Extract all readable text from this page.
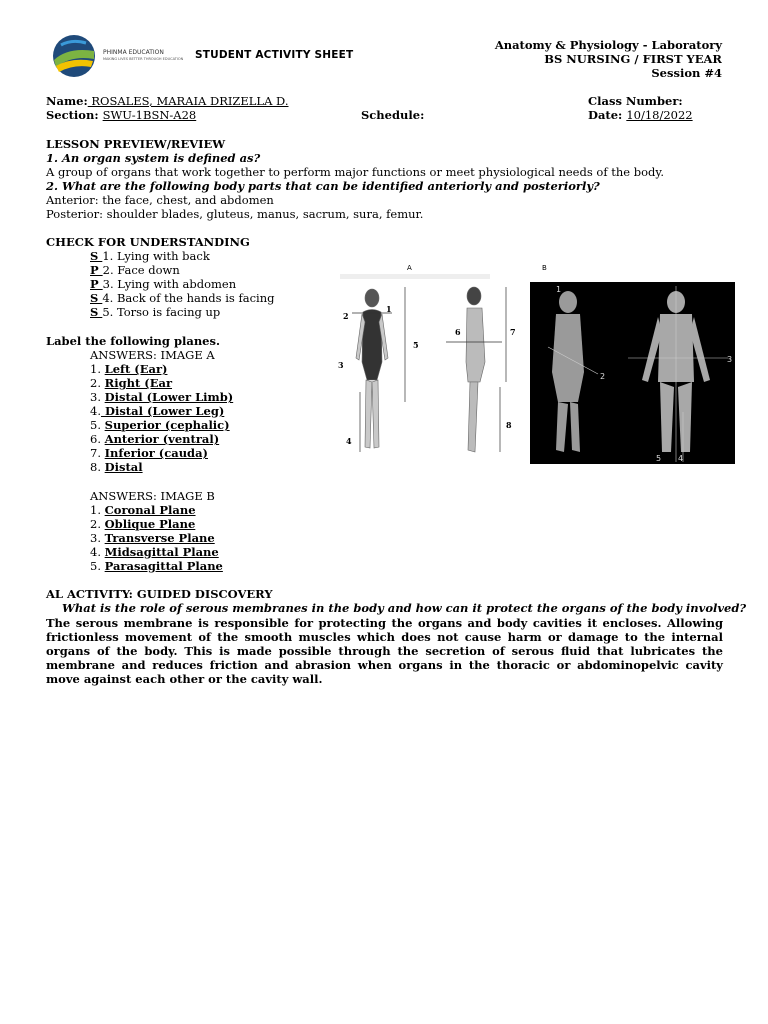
PHINMA EDUCATION
MAKING LIVES BETTER THROUGH EDUCATION STUDENT ACTIVITY SHEET
Anatomy & Physiology - Laboratory
BS NURSING / FIRST YEAR
Session #4
Name: ROSALES, MARAIA DRIZELLA D.	Class Number:
Section: SWU-1BSN-A28	Schedule:	Date: 10/18/2022
LESSON PREVIEW/REVIEW
1. An organ system is defined as?
A group of organs that work together to perform major functions or meet physiological needs of the body.
2. What are the following body parts that can be identified anteriorly and posteriorly?
Anterior: the face, chest, and abdomen
Posterior: shoulder blades, gluteus, manus, sacrum, sura, femur.
CHECK FOR UNDERSTANDING
S 1. Lying with back
P 2. Face down
P 3. Lying with abdomen
S 4. Back of the hands is facing
S 5. Torso is facing up
Label the following planes.
ANSWERS: IMAGE A
1. Left (Ear)
2. Right (Ear
3. Distal (Lower Limb)
4. Distal (Lower Leg)
5. Superior (cephalic)
6. Anterior (ventral)
7. Inferior (cauda)
8. Distal
ANSWERS: IMAGE B
1. Coronal Plane
2. Oblique Plane
3. Transverse Plane
4. Midsagittal Plane
5. Parasagittal Plane
A
1
2
3
4
5
6	7
8
B
1
2
3
4
5
AL ACTIVITY: GUIDED DISCOVERY
What is the role of serous membranes in the body and how can it protect the organs of the body involved?
The serous membrane is responsible for protecting the organs and body cavities it encloses. Allowing frictionless movement of the smooth muscles which does not cause harm or damage to the internal organs of the body. This is made possible through the secretion of serous fluid that lubricates the membrane and reduces friction and abrasion when organs in the thoracic or abdominopelvic cavity move against each other or the cavity wall.
